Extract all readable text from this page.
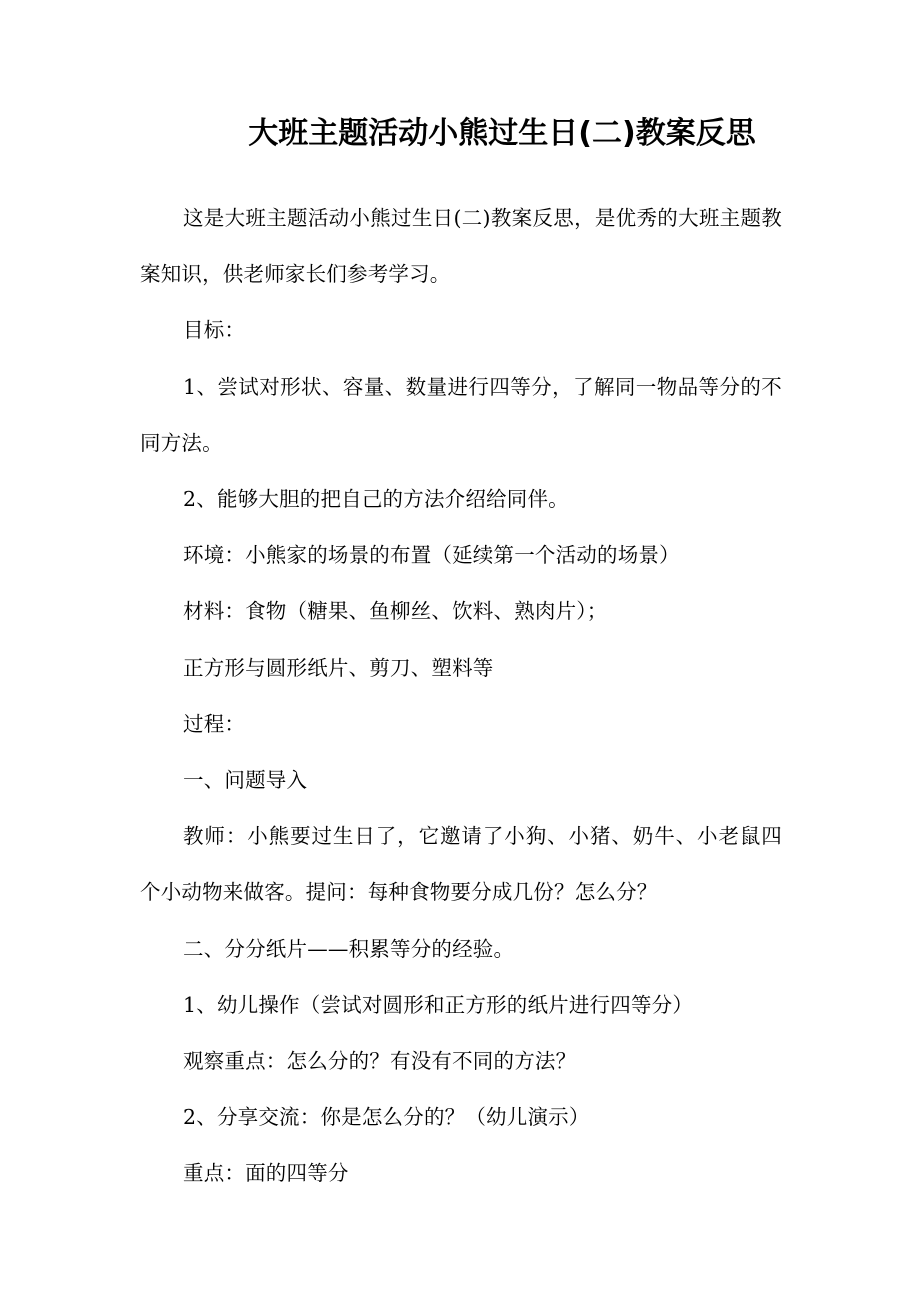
大班主题活动小熊过生日(二)教案反思

这是大班主题活动小熊过生日(二)教案反思，是优秀的大班主题教案知识，供老师家长们参考学习。

目标：

1、尝试对形状、容量、数量进行四等分，了解同一物品等分的不同方法。

2、能够大胆的把自己的方法介绍给同伴。

环境：小熊家的场景的布置（延续第一个活动的场景）

材料：食物（糖果、鱼柳丝、饮料、熟肉片）；

正方形与圆形纸片、剪刀、塑料等

过程：

一、问题导入

教师：小熊要过生日了，它邀请了小狗、小猪、奶牛、小老鼠四个小动物来做客。提问：每种食物要分成几份？怎么分？

二、分分纸片——积累等分的经验。

1、幼儿操作（尝试对圆形和正方形的纸片进行四等分）

观察重点：怎么分的？有没有不同的方法？

2、分享交流：你是怎么分的？（幼儿演示）

重点：面的四等分
